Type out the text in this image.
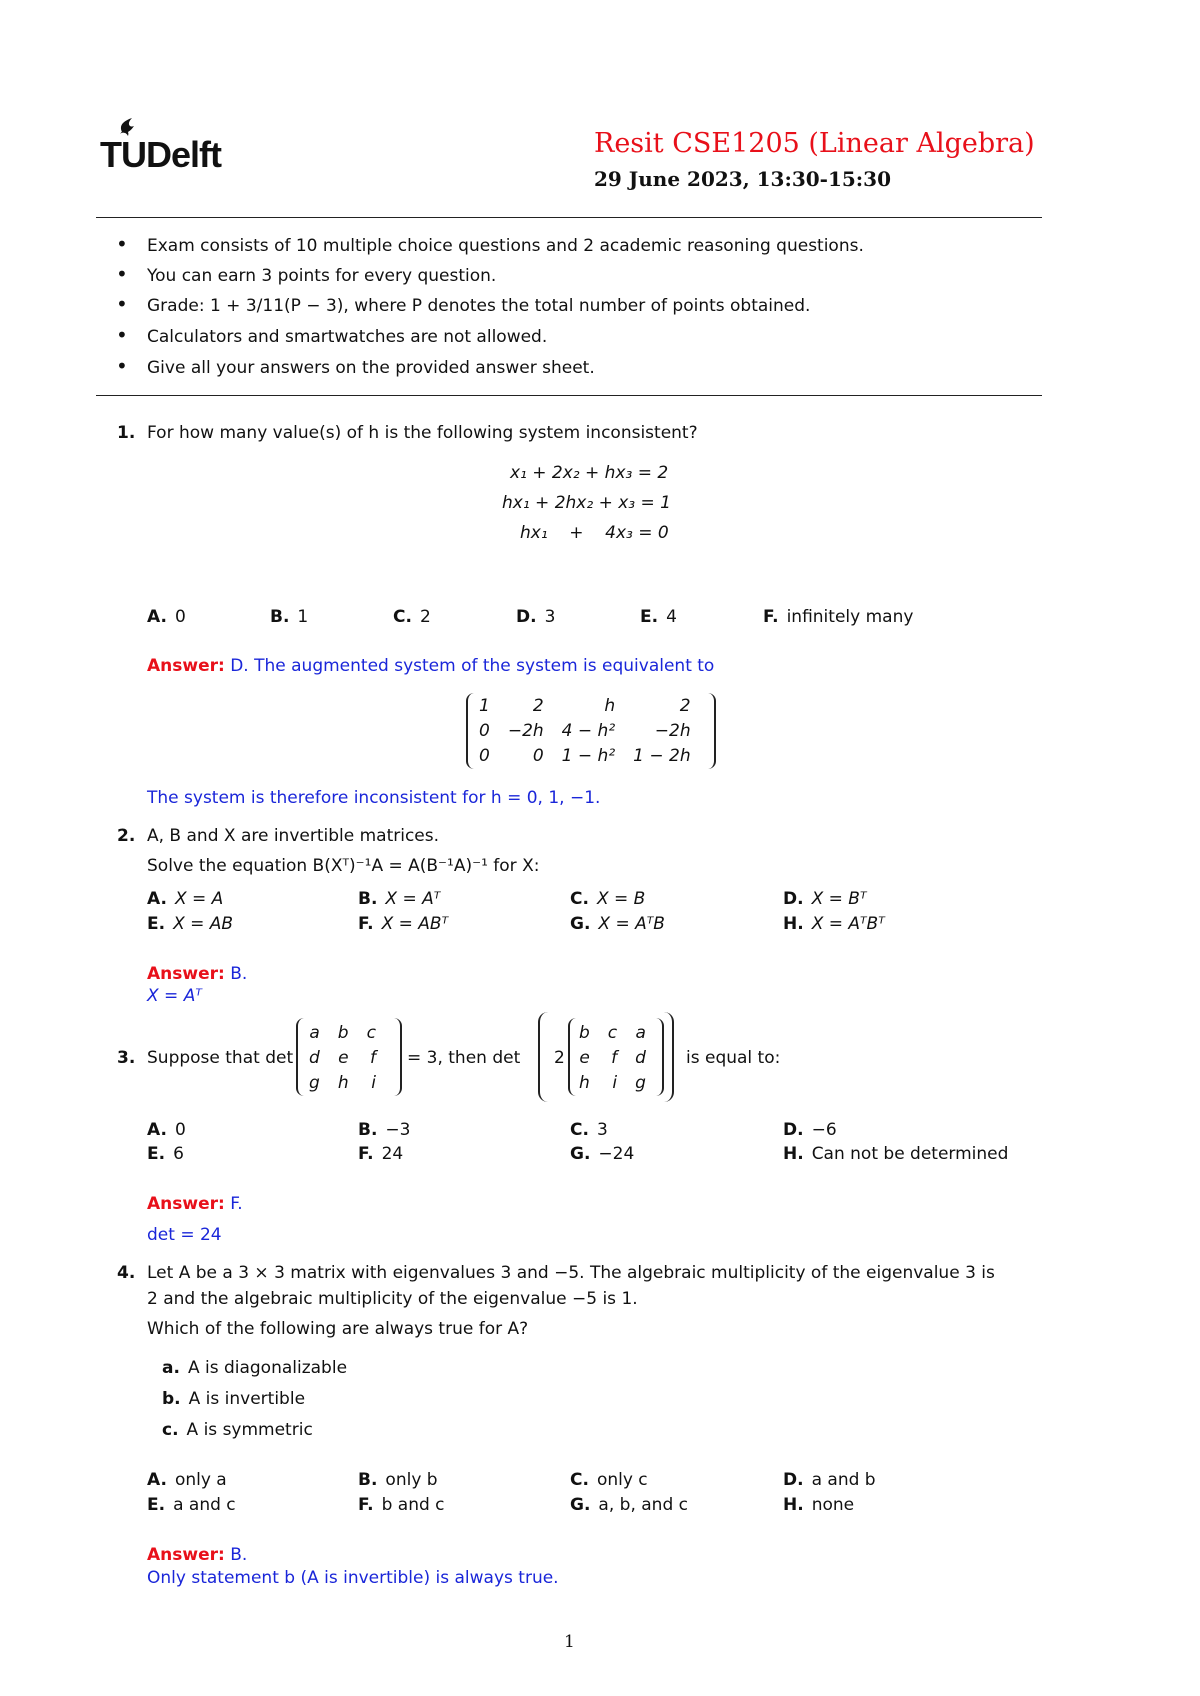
TUDelft	Resit CSE1205 (Linear Algebra)
29 June 2023, 13:30-15:30
• Exam consists of 10 multiple choice questions and 2 academic reasoning questions.
• You can earn 3 points for every question.
• Grade: 1 + 3/11(P − 3), where P denotes the total number of points obtained.
• Calculators and smartwatches are not allowed.
• Give all your answers on the provided answer sheet.
1. For how many value(s) of h is the following system inconsistent?
x₁ + 2x₂ + hx₃ = 2
hx₁ + 2hx₂ + x₃ = 1
hx₁    +    4x₃ = 0
A. 0	B. 1	C. 2	D. 3	E. 4	F. infinitely many
Answer: D. The augmented system of the system is equivalent to
1	2	h	2
0	−2h	4 − h²	−2h
0	0	1 − h²	1 − 2h
The system is therefore inconsistent for h = 0, 1, −1.
2. A, B and X are invertible matrices.
Solve the equation B(Xᵀ)⁻¹A = A(B⁻¹A)⁻¹ for X:
A. X = A	B. X = Aᵀ	C. X = B	D. X = Bᵀ
E. X = AB	F. X = ABᵀ	G. X = AᵀB	H. X = AᵀBᵀ
Answer: B.
X = Aᵀ
3. Suppose that det
a	b	c
d	e	f
g	h	i
= 3, then det 2
b	c	a
e	f	d
h	i	g
is equal to:
A. 0	B. −3	C. 3	D. −6
E. 6	F. 24	G. −24	H. Can not be determined
Answer: F.
det = 24
4. Let A be a 3 × 3 matrix with eigenvalues 3 and −5. The algebraic multiplicity of the eigenvalue 3 is
2 and the algebraic multiplicity of the eigenvalue −5 is 1.
Which of the following are always true for A?
a. A is diagonalizable
b. A is invertible
c. A is symmetric
A. only a	B. only b	C. only c	D. a and b
E. a and c	F. b and c	G. a, b, and c	H. none
Answer: B.
Only statement b (A is invertible) is always true.
1
